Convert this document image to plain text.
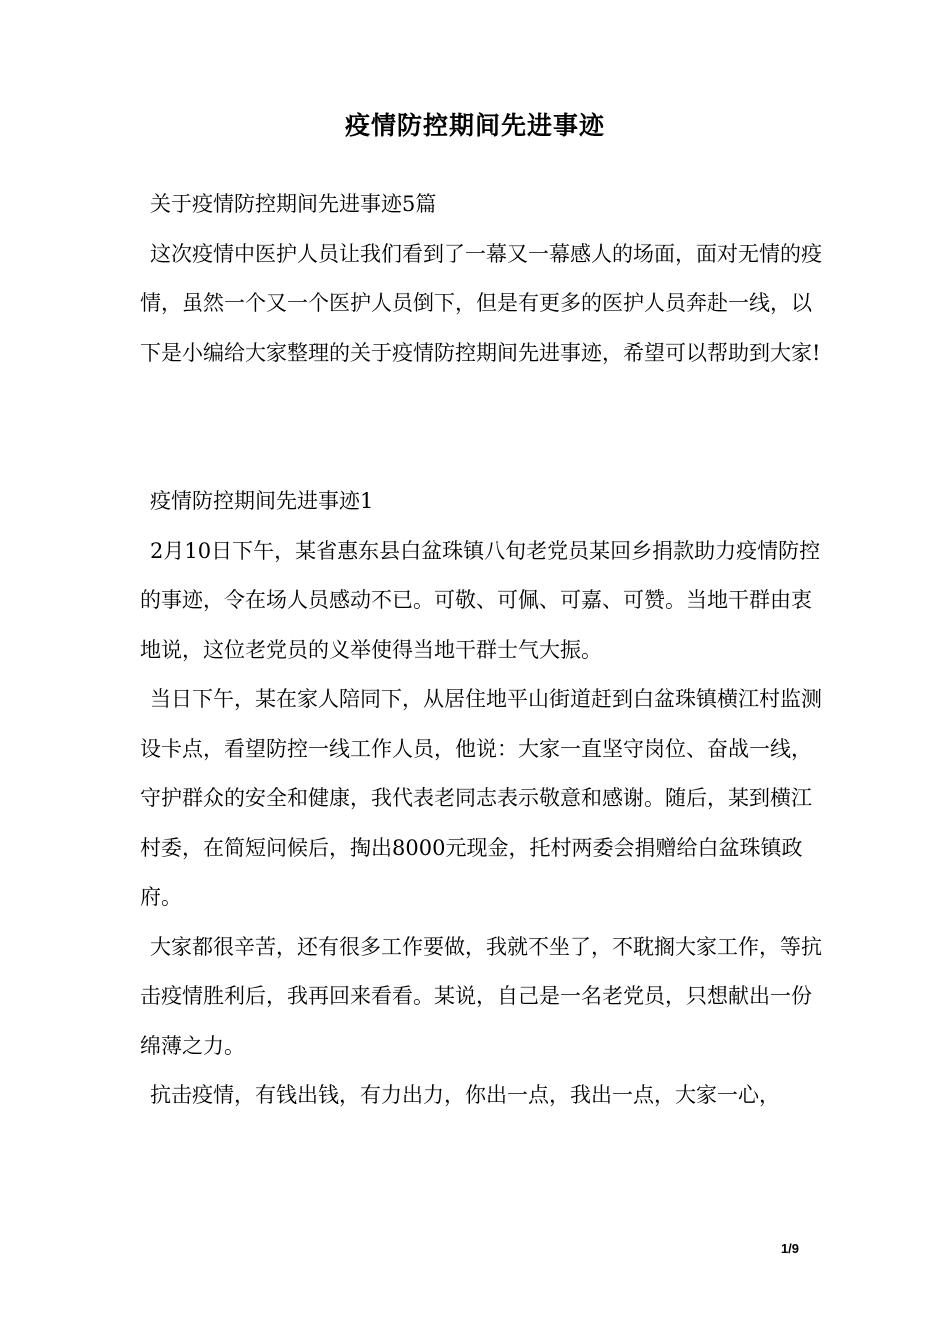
疫情防控期间先进事迹

关于疫情防控期间先进事迹5篇

这次疫情中医护人员让我们看到了一幕又一幕感人的场面，面对无情的疫情，虽然一个又一个医护人员倒下，但是有更多的医护人员奔赴一线，以下是小编给大家整理的关于疫情防控期间先进事迹，希望可以帮助到大家!

疫情防控期间先进事迹1

2月10日下午，某省惠东县白盆珠镇八旬老党员某回乡捐款助力疫情防控的事迹，令在场人员感动不已。可敬、可佩、可嘉、可赞。当地干群由衷地说，这位老党员的义举使得当地干群士气大振。

当日下午，某在家人陪同下，从居住地平山街道赶到白盆珠镇横江村监测设卡点，看望防控一线工作人员，他说：大家一直坚守岗位、奋战一线，守护群众的安全和健康，我代表老同志表示敬意和感谢。随后，某到横江村委，在简短问候后，掏出8000元现金，托村两委会捐赠给白盆珠镇政府。

大家都很辛苦，还有很多工作要做，我就不坐了，不耽搁大家工作，等抗击疫情胜利后，我再回来看看。某说，自己是一名老党员，只想献出一份绵薄之力。

抗击疫情，有钱出钱，有力出力，你出一点，我出一点，大家一心，

1/9
